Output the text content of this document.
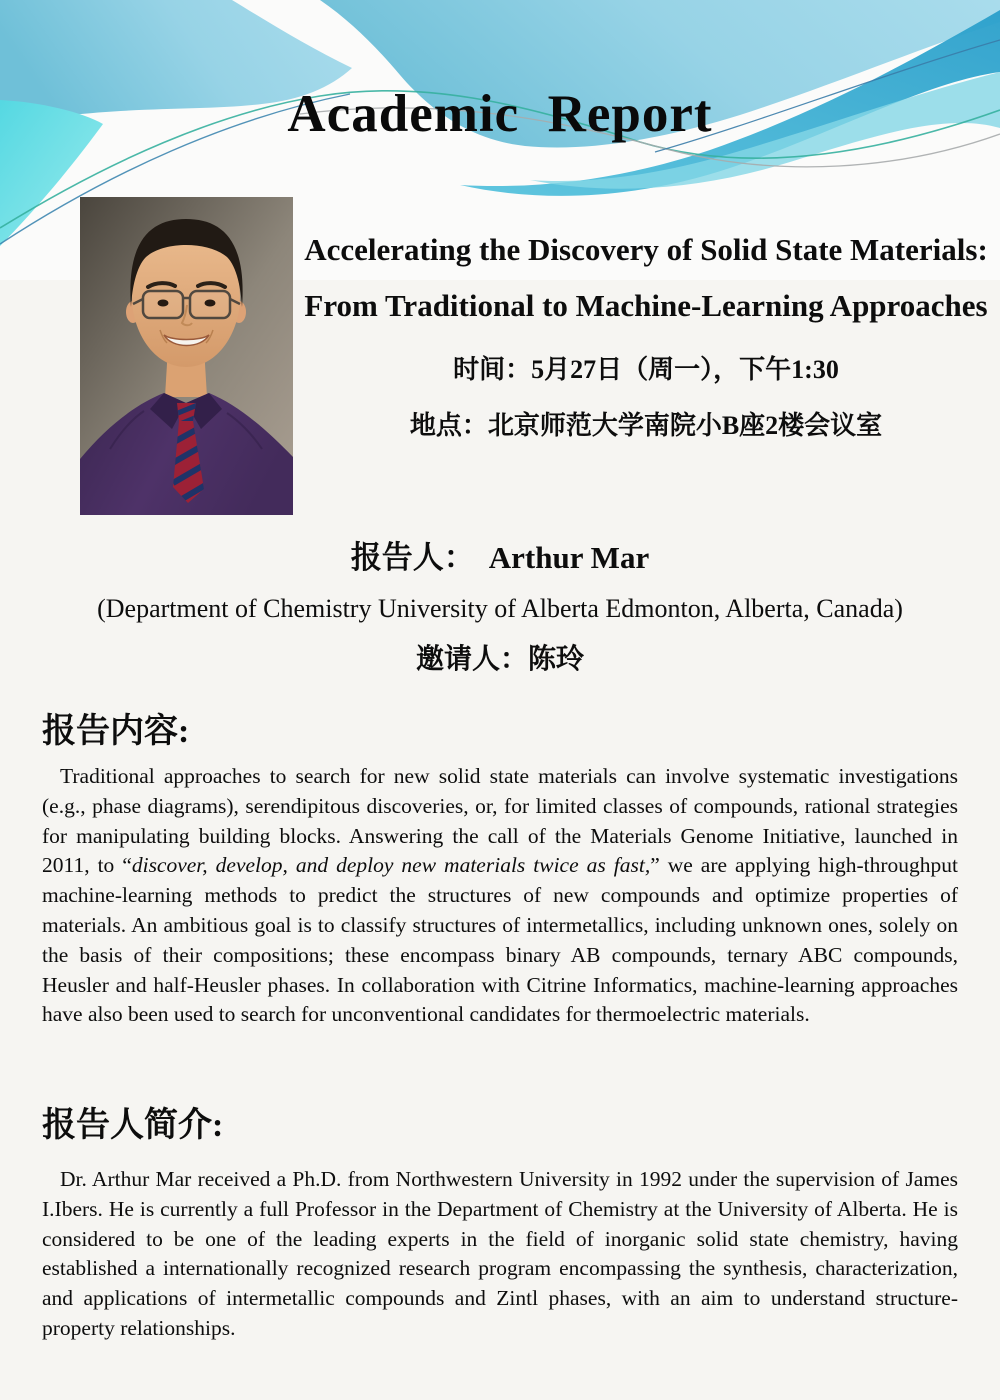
Academic  Report
Accelerating the Discovery of Solid State Materials:
From Traditional to Machine-Learning Approaches
时间：5月27日（周一），下午1:30
地点：北京师范大学南院小B座2楼会议室
报告人： Arthur Mar
(Department of Chemistry University of Alberta Edmonton, Alberta, Canada)
邀请人：陈玲
报告内容:

Traditional approaches to search for new solid state materials can involve systematic investigations (e.g., phase diagrams), serendipitous discoveries, or, for limited classes of compounds, rational strategies for manipulating building blocks. Answering the call of the Materials Genome Initiative, launched in 2011, to “discover, develop, and deploy new materials twice as fast,” we are applying high-throughput machine-learning methods to predict the structures of new compounds and optimize properties of materials. An ambitious goal is to classify structures of intermetallics, including unknown ones, solely on the basis of their compositions; these encompass binary AB compounds, ternary ABC compounds, Heusler and half-Heusler phases. In collaboration with Citrine Informatics, machine-learning approaches have also been used to search for unconventional candidates for thermoelectric materials.

报告人简介:

Dr. Arthur Mar received a Ph.D. from Northwestern University in 1992 under the supervision of James I.Ibers. He is currently a full Professor in the Department of Chemistry at the University of Alberta. He is considered to be one of the leading experts in the field of inorganic solid state chemistry, having established a internationally recognized research program encompassing the synthesis, characterization, and applications of intermetallic compounds and Zintl phases, with an aim to understand structure-property relationships.
